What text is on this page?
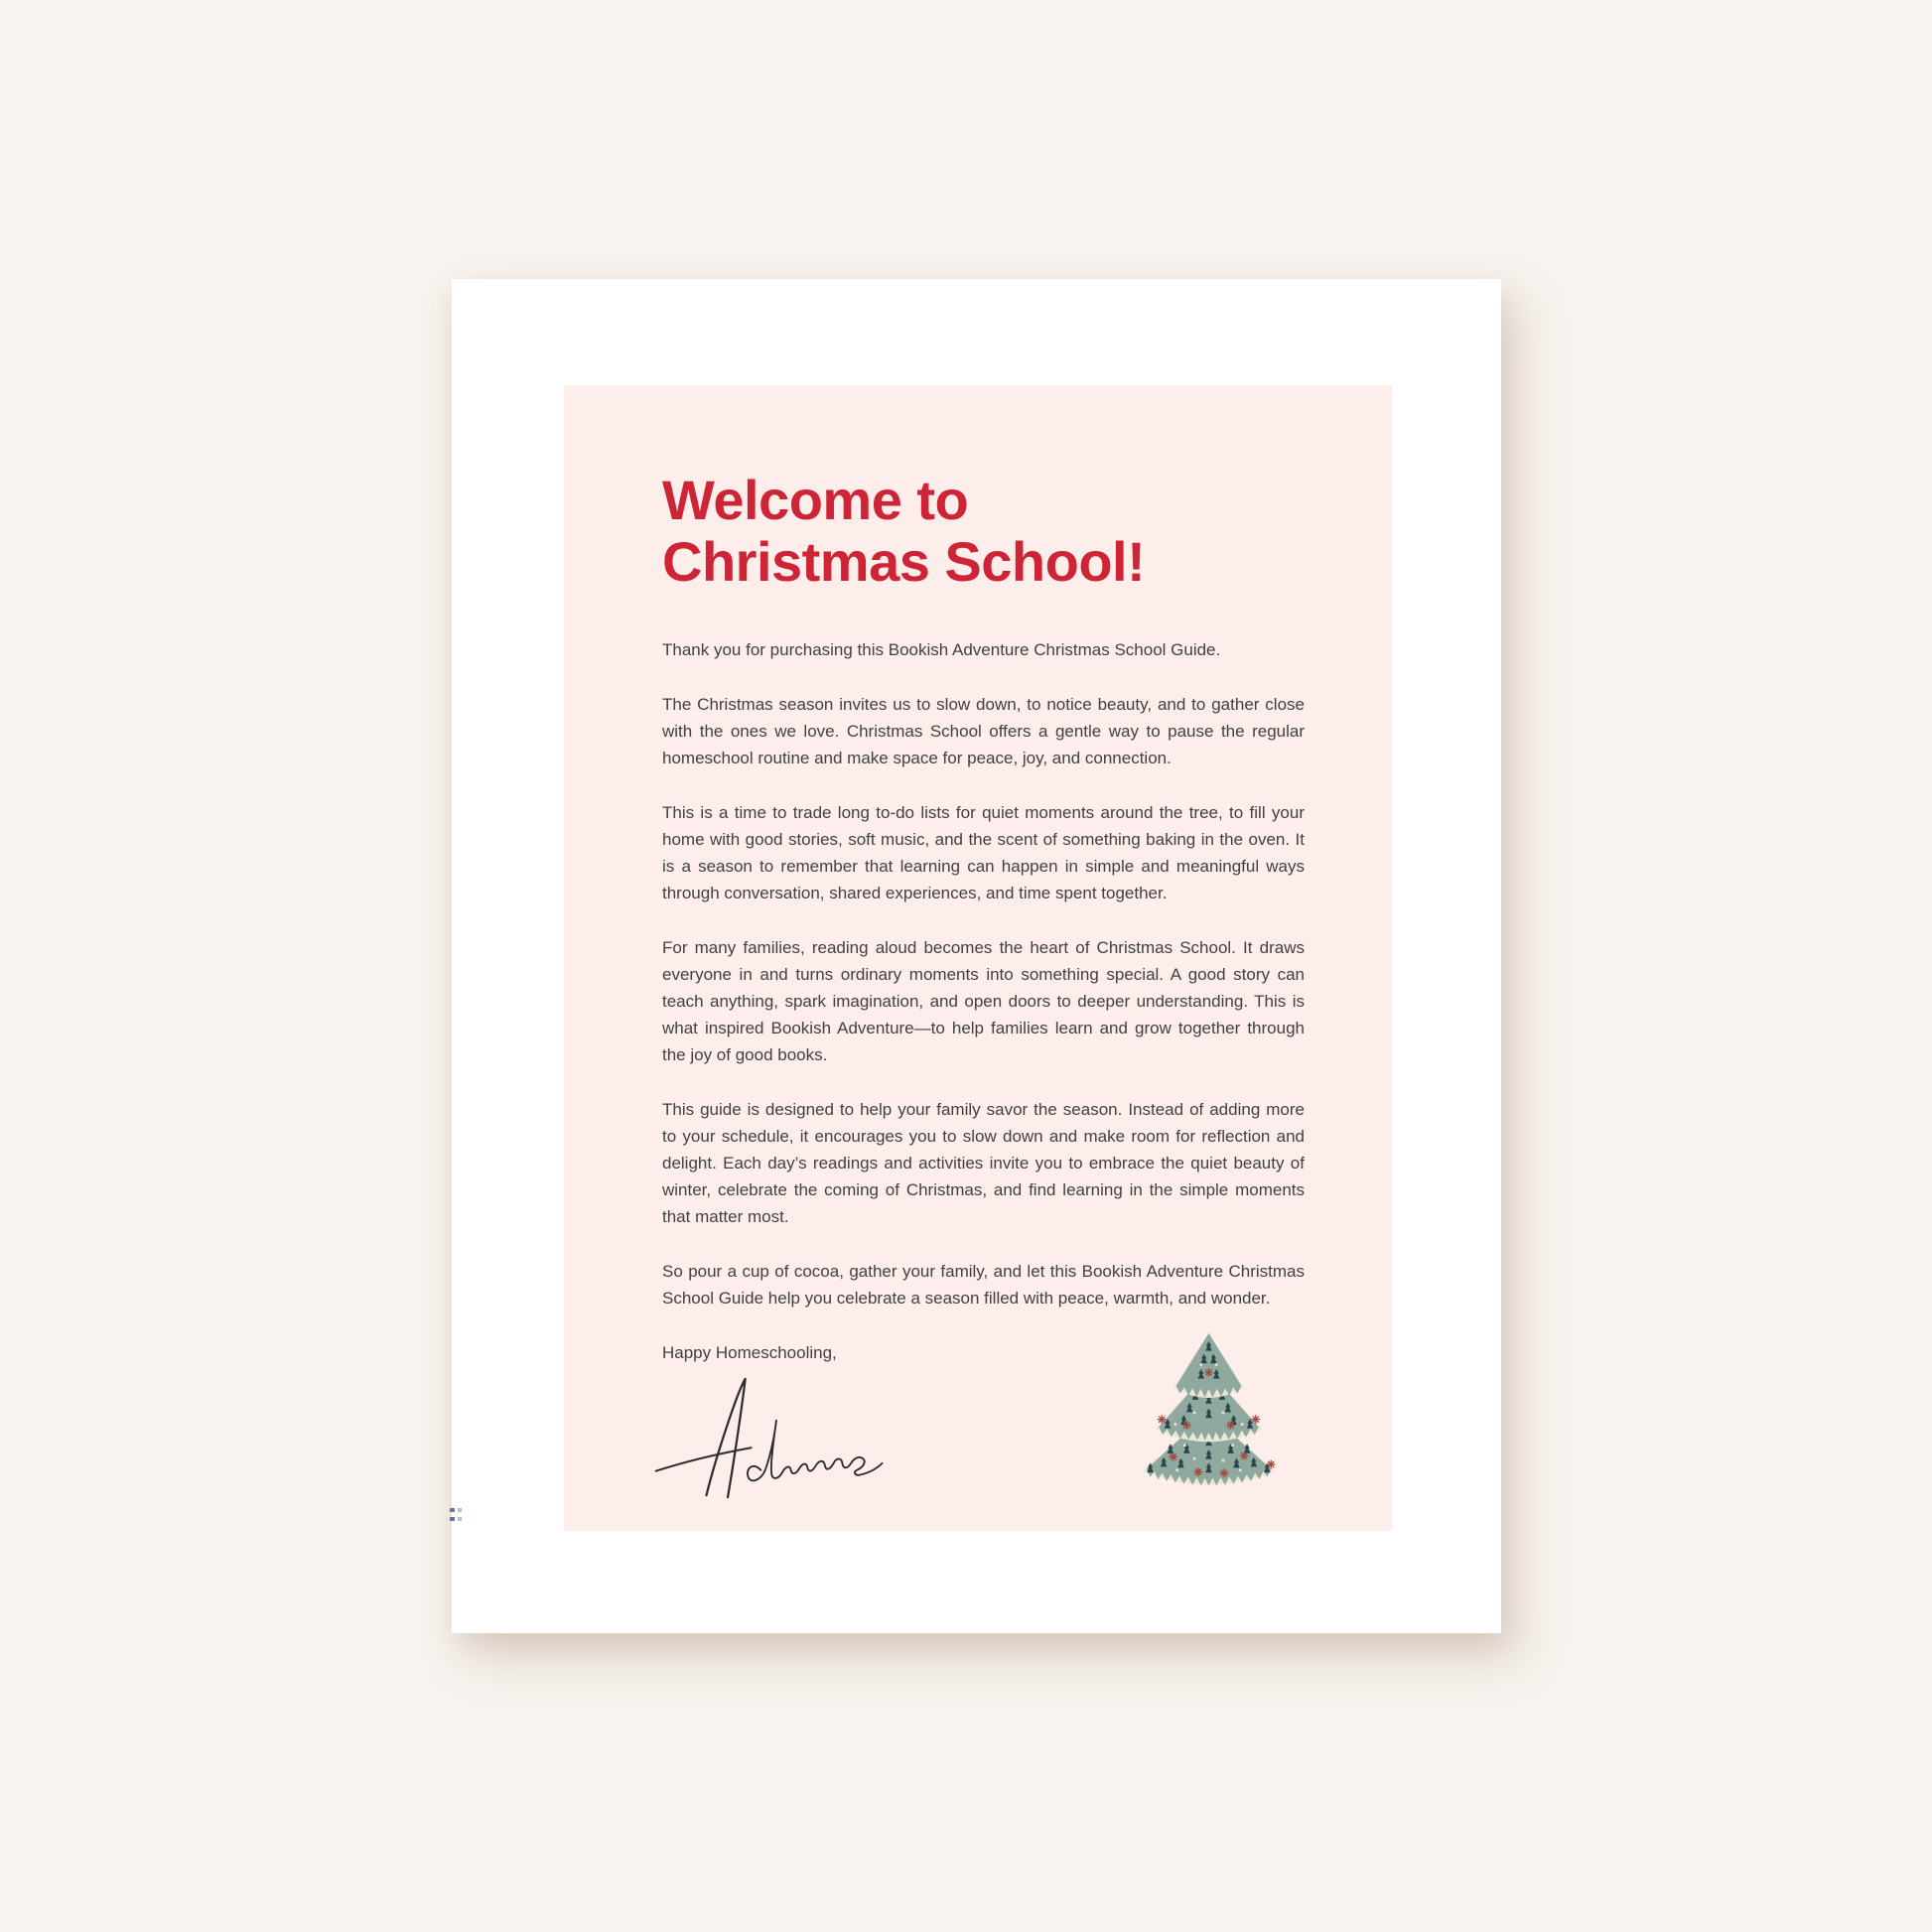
Welcome to
Christmas School!

Thank you for purchasing this Bookish Adventure Christmas School Guide.

The Christmas season invites us to slow down, to notice beauty, and to gather close with the ones we love. Christmas School offers a gentle way to pause the regular homeschool routine and make space for peace, joy, and connection.

This is a time to trade long to-do lists for quiet moments around the tree, to fill your home with good stories, soft music, and the scent of something baking in the oven. It is a season to remember that learning can happen in simple and meaningful ways through conversation, shared experiences, and time spent together.

For many families, reading aloud becomes the heart of Christmas School. It draws everyone in and turns ordinary moments into something special. A good story can teach anything, spark imagination, and open doors to deeper understanding. This is what inspired Bookish Adventure—to help families learn and grow together through the joy of good books.

This guide is designed to help your family savor the season. Instead of adding more to your schedule, it encourages you to slow down and make room for reflection and delight. Each day’s readings and activities invite you to embrace the quiet beauty of winter, celebrate the coming of Christmas, and find learning in the simple moments that matter most.

So pour a cup of cocoa, gather your family, and let this Bookish Adventure Christmas School Guide help you celebrate a season filled with peace, warmth, and wonder.

Happy Homeschooling,
